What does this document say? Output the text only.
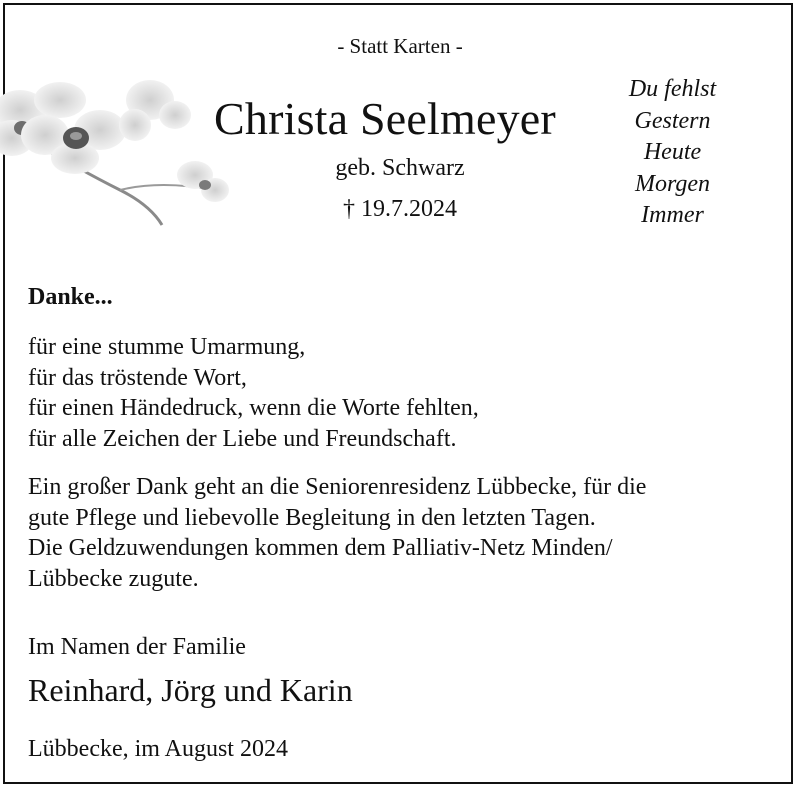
- Statt Karten -
Christa Seelmeyer
geb. Schwarz
† 19.7.2024
Du fehlst
Gestern
Heute
Morgen
Immer
Danke...
für eine stumme Umarmung,
für das tröstende Wort,
für einen Händedruck, wenn die Worte fehlten,
für alle Zeichen der Liebe und Freundschaft.
Ein großer Dank geht an die Seniorenresidenz Lübbecke, für die
gute Pflege und liebevolle Begleitung in den letzten Tagen.
Die Geldzuwendungen kommen dem Palliativ-Netz Minden/
Lübbecke zugute.
Im Namen der Familie
Reinhard, Jörg und Karin
Lübbecke, im August 2024
